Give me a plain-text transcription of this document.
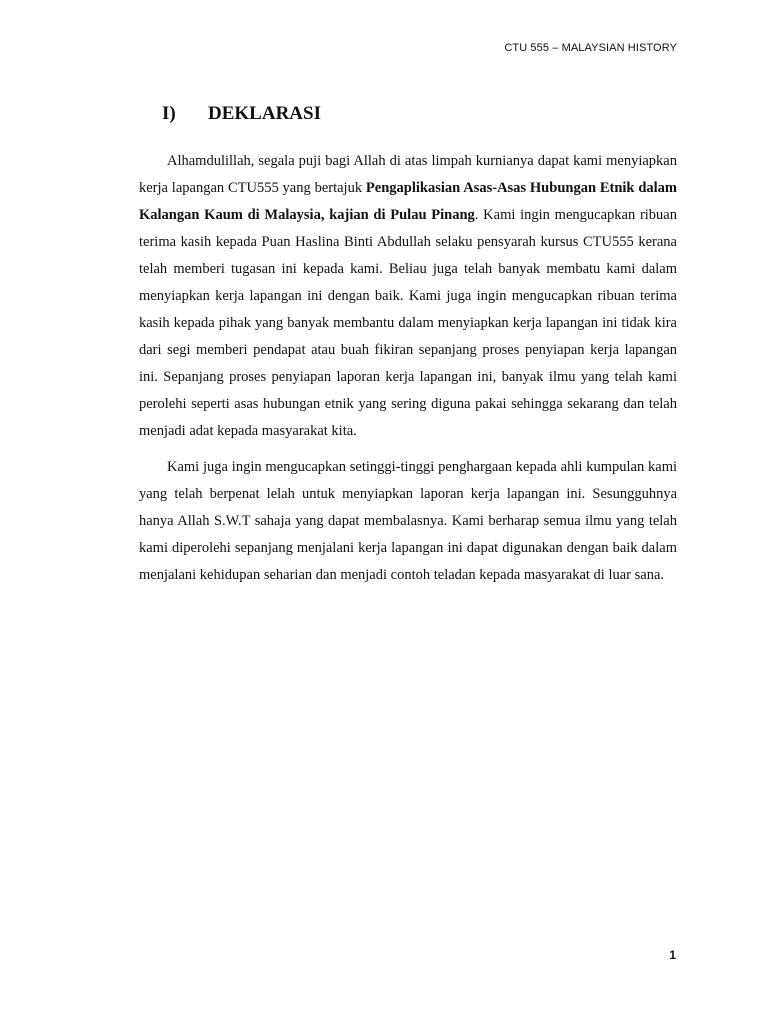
CTU 555 – MALAYSIAN HISTORY
I) DEKLARASI

Alhamdulillah, segala puji bagi Allah di atas limpah kurnianya dapat kami menyiapkan kerja lapangan CTU555 yang bertajuk Pengaplikasian Asas-Asas Hubungan Etnik dalam Kalangan Kaum di Malaysia, kajian di Pulau Pinang. Kami ingin mengucapkan ribuan terima kasih kepada Puan Haslina Binti Abdullah selaku pensyarah kursus CTU555 kerana telah memberi tugasan ini kepada kami. Beliau juga telah banyak membatu kami dalam menyiapkan kerja lapangan ini dengan baik. Kami juga ingin mengucapkan ribuan terima kasih kepada pihak yang banyak membantu dalam menyiapkan kerja lapangan ini tidak kira dari segi memberi pendapat atau buah fikiran sepanjang proses penyiapan kerja lapangan ini. Sepanjang proses penyiapan laporan kerja lapangan ini, banyak ilmu yang telah kami perolehi seperti asas hubungan etnik yang sering diguna pakai sehingga sekarang dan telah menjadi adat kepada masyarakat kita.

Kami juga ingin mengucapkan setinggi-tinggi penghargaan kepada ahli kumpulan kami yang telah berpenat lelah untuk menyiapkan laporan kerja lapangan ini. Sesungguhnya hanya Allah S.W.T sahaja yang dapat membalasnya. Kami berharap semua ilmu yang telah kami diperolehi sepanjang menjalani kerja lapangan ini dapat digunakan dengan baik dalam menjalani kehidupan seharian dan menjadi contoh teladan kepada masyarakat di luar sana.

1
